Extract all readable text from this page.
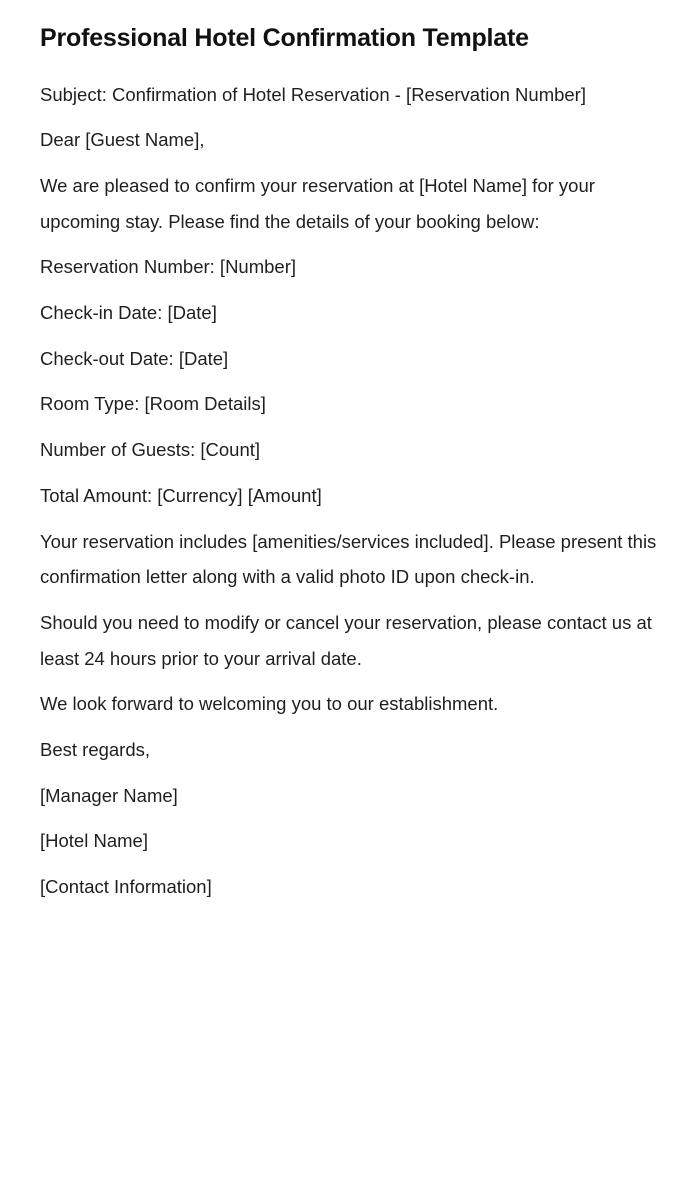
Professional Hotel Confirmation Template

Subject: Confirmation of Hotel Reservation - [Reservation Number]

Dear [Guest Name],

We are pleased to confirm your reservation at [Hotel Name] for your upcoming stay. Please find the details of your booking below:

Reservation Number: [Number]

Check-in Date: [Date]

Check-out Date: [Date]

Room Type: [Room Details]

Number of Guests: [Count]

Total Amount: [Currency] [Amount]

Your reservation includes [amenities/services included]. Please present this confirmation letter along with a valid photo ID upon check-in.

Should you need to modify or cancel your reservation, please contact us at least 24 hours prior to your arrival date.

We look forward to welcoming you to our establishment.

Best regards,

[Manager Name]

[Hotel Name]

[Contact Information]
